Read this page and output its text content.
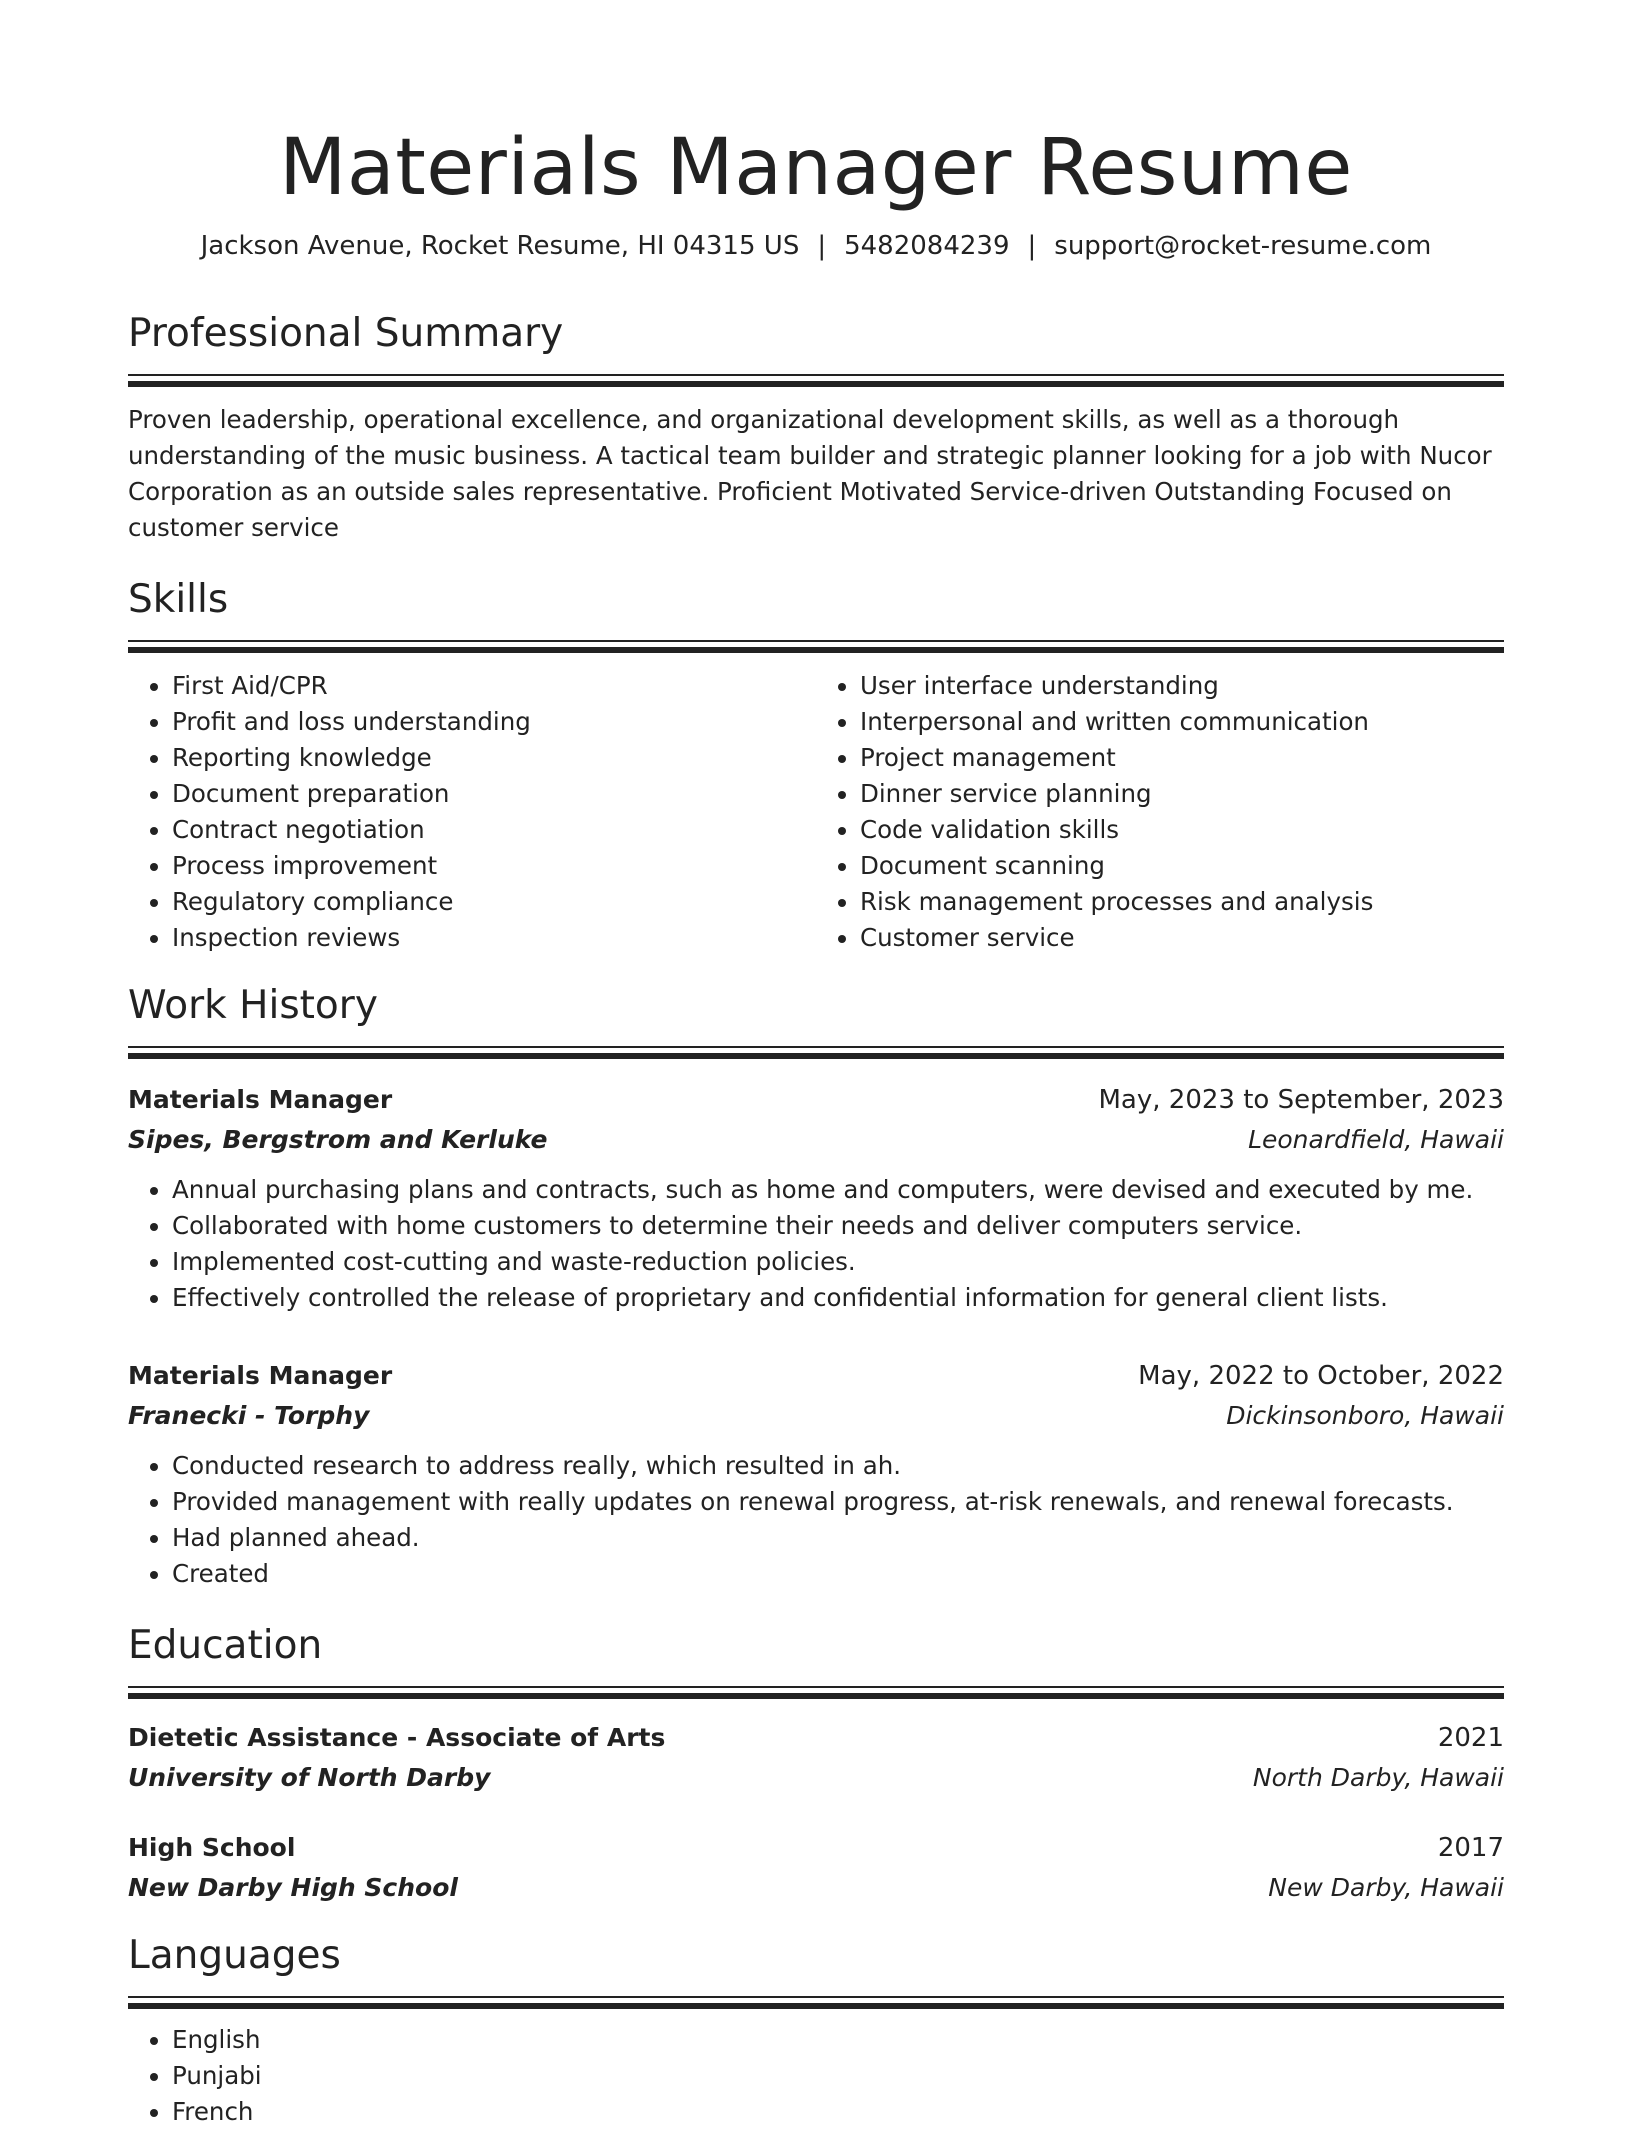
Materials Manager Resume
Jackson Avenue, Rocket Resume, HI 04315 US | 5482084239 | support@rocket-resume.com
Professional Summary

Proven leadership, operational excellence, and organizational development skills, as well as a thorough understanding of the music business. A tactical team builder and strategic planner looking for a job with Nucor Corporation as an outside sales representative. Proficient Motivated Service-driven Outstanding Focused on customer service

Skills
• First Aid/CPR
• Profit and loss understanding
• Reporting knowledge
• Document preparation
• Contract negotiation
• Process improvement
• Regulatory compliance
• Inspection reviews
• User interface understanding
• Interpersonal and written communication
• Project management
• Dinner service planning
• Code validation skills
• Document scanning
• Risk management processes and analysis
• Customer service
Work History
Materials Manager	May, 2023 to September, 2023
Sipes, Bergstrom and Kerluke	Leonardfield, Hawaii
• Annual purchasing plans and contracts, such as home and computers, were devised and executed by me.
• Collaborated with home customers to determine their needs and deliver computers service.
• Implemented cost-cutting and waste-reduction policies.
• Effectively controlled the release of proprietary and confidential information for general client lists.
Materials Manager	May, 2022 to October, 2022
Franecki - Torphy	Dickinsonboro, Hawaii
• Conducted research to address really, which resulted in ah.
• Provided management with really updates on renewal progress, at-risk renewals, and renewal forecasts.
• Had planned ahead.
• Created
Education
Dietetic Assistance - Associate of Arts	2021
University of North Darby	North Darby, Hawaii
High School	2017
New Darby High School	New Darby, Hawaii
Languages
• English
• Punjabi
• French
